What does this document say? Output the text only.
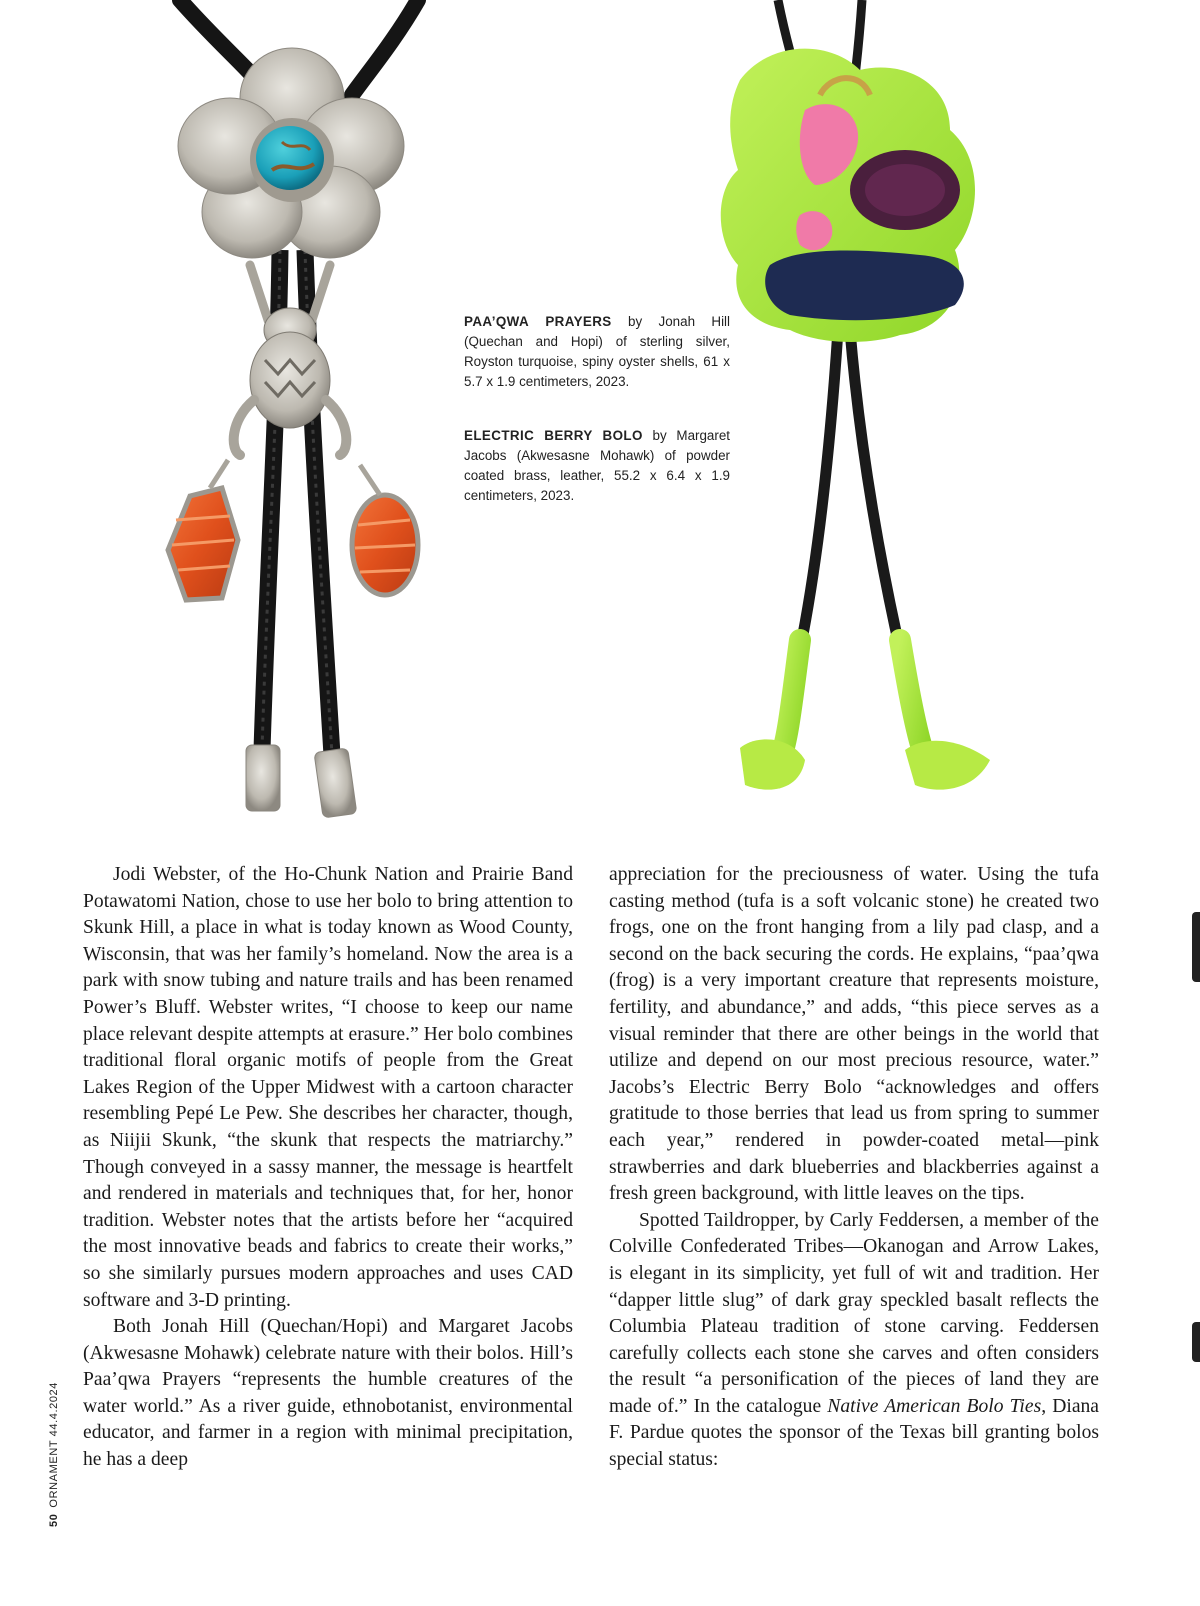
PAA’QWA PRAYERS by Jonah Hill (Quechan and Hopi) of sterling silver, Royston turquoise, spiny oyster shells, 61 x 5.7 x 1.9 centimeters, 2023.
ELECTRIC BERRY BOLO by Margaret Jacobs (Akwesasne Mohawk) of powder coated brass, leather, 55.2 x 6.4 x 1.9 centimeters, 2023.

Jodi Webster, of the Ho-Chunk Nation and Prairie Band Potawatomi Nation, chose to use her bolo to bring attention to Skunk Hill, a place in what is today known as Wood County, Wisconsin, that was her family’s homeland. Now the area is a park with snow tubing and nature trails and has been renamed Power’s Bluff. Webster writes, “I choose to keep our name place relevant despite attempts at erasure.” Her bolo combines traditional floral organic motifs of people from the Great Lakes Region of the Upper Midwest with a cartoon character resembling Pepé Le Pew. She describes her character, though, as Niijii Skunk, “the skunk that respects the matriarchy.” Though conveyed in a sassy manner, the message is heartfelt and rendered in materials and techniques that, for her, honor tradition. Webster notes that the artists before her “acquired the most innovative beads and fabrics to create their works,” so she similarly pursues modern approaches and uses CAD software and 3-D printing.

Both Jonah Hill (Quechan/Hopi) and Margaret Jacobs (Akwesasne Mohawk) celebrate nature with their bolos. Hill’s Paa’qwa Prayers “represents the humble creatures of the water world.” As a river guide, ethnobotanist, environmental educator, and farmer in a region with minimal precipitation, he has a deep

appreciation for the preciousness of water. Using the tufa casting method (tufa is a soft volcanic stone) he created two frogs, one on the front hanging from a lily pad clasp, and a second on the back securing the cords. He explains, “paa’qwa (frog) is a very important creature that represents moisture, fertility, and abundance,” and adds, “this piece serves as a visual reminder that there are other beings in the world that utilize and depend on our most precious resource, water.” Jacobs’s Electric Berry Bolo “acknowledges and offers gratitude to those berries that lead us from spring to summer each year,” rendered in powder-coated metal—pink strawberries and dark blueberries and blackberries against a fresh green background, with little leaves on the tips.

Spotted Taildropper, by Carly Feddersen, a member of the Colville Confederated Tribes—Okanogan and Arrow Lakes, is elegant in its simplicity, yet full of wit and tradition. Her “dapper little slug” of dark gray speckled basalt reflects the Columbia Plateau tradition of stone carving. Feddersen carefully collects each stone she carves and often considers the result “a personification of the pieces of land they are made of.” In the catalogue Native American Bolo Ties, Diana F. Pardue quotes the sponsor of the Texas bill granting bolos special status:

50ORNAMENT 44.4.2024
